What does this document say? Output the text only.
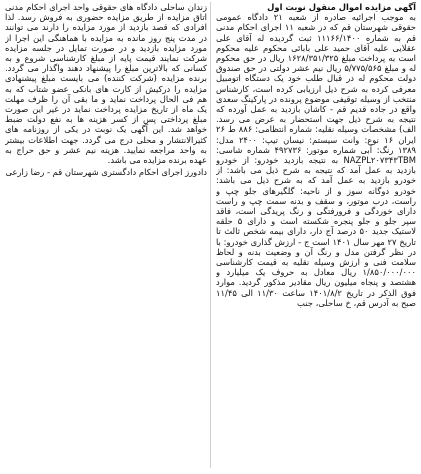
آگهی مزایده اموال منقول نوبت اول

به موجب اجرائیه صادره از شعبه ۲۱ دادگاه عمومی حقوقی شهرستان قم که در شعبه ۱۱ اجرای احکام مدنی قم به شماره ۱۱۱۶۶/۱۴۰۰ ثبت گردیده له آقای علی عقلایی علیه آقای حمید علی بابائی محکوم علیه محکوم است به پرداخت مبلغ ۱۶۲۸/۳۵۱/۳۲۵ ریال در حق محکوم له و مبلغ ۵/۷۷۵/۵۶۵ ریال نیم عشر دولتی در حق صندوق دولت محکوم له در قبال طلب خود یک دستگاه اتومبیل معرفی کرده به شرح ذیل ارزیابی کرده است، کارشناس منتخب از وسیله توقیفی موضوع پرونده در پارکینگ سعدی واقع در جاده قدیم قم - کاشان بازدید به عمل آورده که نتیجه به شرح ذیل جهت استحضار به عرض می رسد. الف) مشخصات وسیله نقلیه: شماره انتظامی: ۸۸۶ ط ۲۶ ایران ۱۶ نوع: وانت سیستم: نیسان تیپ: ۲۴۰۰ مدل: ۱۳۸۹ رنگ: آبی شماره موتور: ۴۹۲۷۳۶ شماره شاسی: NAZPL۲۰۷۳۴۳TBM به نتیجه بازدید خودرو: از خودرو بازدید به عمل آمد که نتیجه به شرح ذیل می باشد: از خودرو بازدید به عمل آمد که به شرح ذیل می باشد: خودرو دوگانه سوز و از ناحیه: گلگیرهای جلو چپ و راست، درب موتور، و سقف و بدنه سمت چپ و راست دارای خوردگی و فرورفتگی و رنگ پریدگی است، فاقد سپر جلو و جلو پنجره شکسته است و دارای ۵ حلقه لاستیک جدید ۵۰ درصد آج دار، دارای بیمه شخص ثالث تا تاریخ ۲۷ مهر سال ۱۴۰۱ است ج - ارزش گذاری خودرو: با در نظر گرفتن مدل و رنگ آن و وضعیت بدنه و لحاظ سلامت فنی و ارزش وسیله نقلیه به قیمت کارشناسی ۱/۸۵۰/۰۰۰/۰۰۰ ریال معادل به حروف یک میلیارد و هشتصد و پنجاه میلیون ریال مقادیر مذکور گردید. موارد فوق الذکر در تاریخ ۱۴۰۱/۸/۲ ساعت ۱۱/۳۰ الی ۱۱/۴۵ صبح به آدرس قم، خ ساحلی، جنب

زندان ساحلی دادگاه های حقوقی واحد اجرای احکام مدنی اتاق مزایده از طریق مزایده حضوری به فروش رسد. لذا افرادی که قصد بازدید از مورد مزایده را دارند می توانند در مدت پنج روز مانده به مزایده با هماهنگی این اجرا از مورد مزایده بازدید و در صورت تمایل در جلسه مزایده شرکت نمایند قیمت پایه از مبلغ کارشناسی شروع و به کسانی که بالاترین مبلغ را پیشنهاد دهند واگذار می گردد. برنده مزایده (شرکت کننده) می بایست مبلغ پیشنهادی مزایده را درکیش از کارت های بانکی عضو شتاب که به هم فی الحال پرداخت نماید و ما بقی آن را ظرف مهلت یک ماه از تاریخ مزایده پرداخت نماید در غیر این صورت مبلغ پرداختی پس از کسر هزینه ها به نفع دولت ضبط خواهد شد. این آگهی یک نوبت در یکی از روزنامه های کثیرالانتشار و محلی درج می گردد. جهت اطلاعات بیشتر به واحد مراجعه نمایید. هزینه نیم عشر و حق حراج به عهده برنده مزایده می باشد.

دادورز اجرای احکام دادگستری شهرستان قم - رضا زارعی
